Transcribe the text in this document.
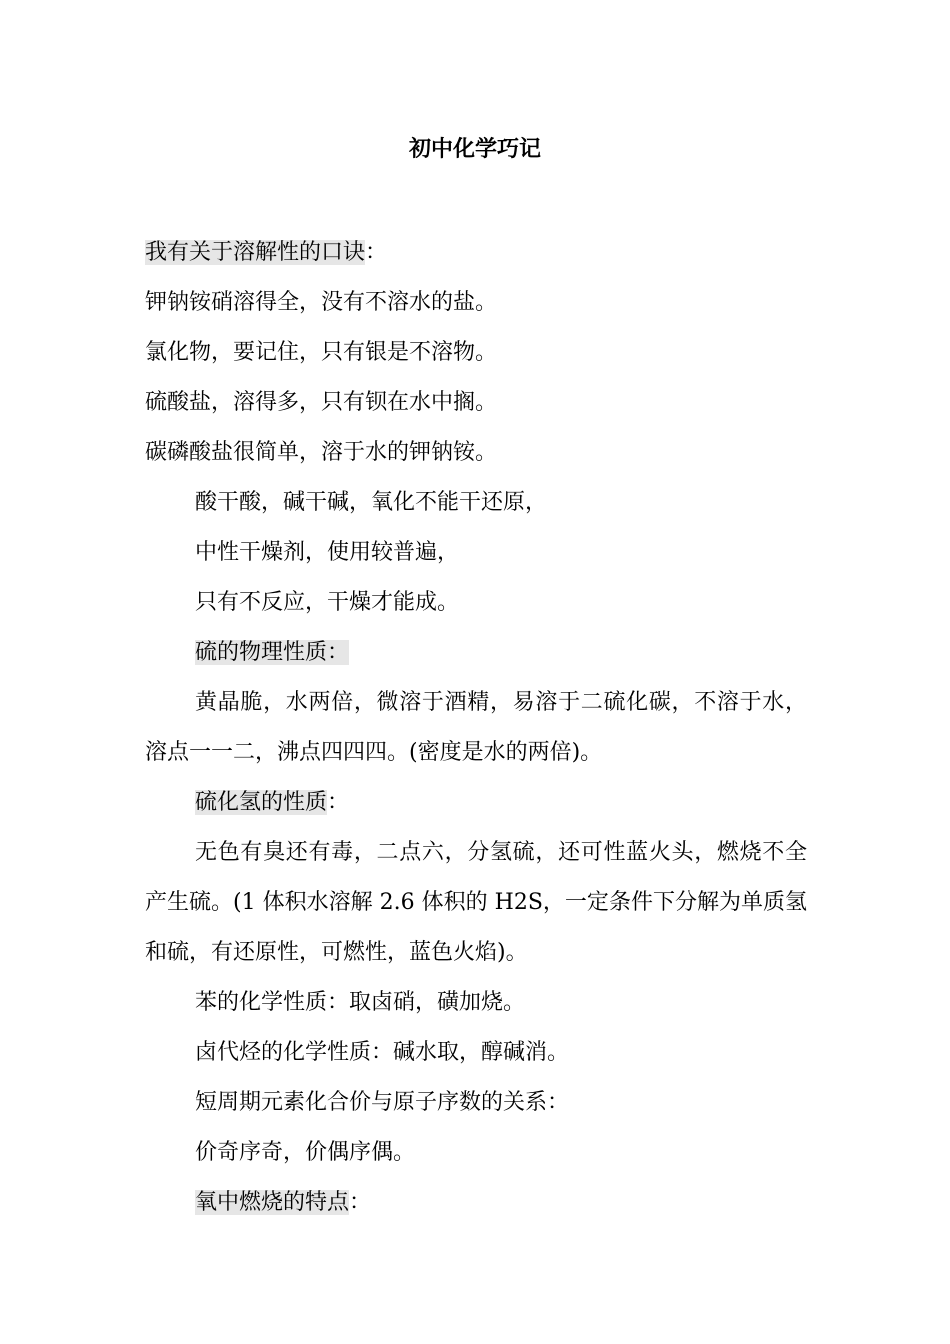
初中化学巧记

我有关于溶解性的口诀：

钾钠铵硝溶得全，没有不溶水的盐。

氯化物，要记住，只有银是不溶物。

硫酸盐，溶得多，只有钡在水中搁。

碳磷酸盐很简单，溶于水的钾钠铵。

酸干酸，碱干碱，氧化不能干还原，

中性干燥剂，使用较普遍，

只有不反应，干燥才能成。

硫的物理性质：

黄晶脆，水两倍，微溶于酒精，易溶于二硫化碳，不溶于水，溶点一一二，沸点四四四。(密度是水的两倍)。

硫化氢的性质：

无色有臭还有毒，二点六，分氢硫，还可性蓝火头，燃烧不全产生硫。(1 体积水溶解 2.6 体积的 H2S，一定条件下分解为单质氢和硫，有还原性，可燃性，蓝色火焰)。

苯的化学性质：取卤硝，磺加烧。

卤代烃的化学性质：碱水取，醇碱消。

短周期元素化合价与原子序数的关系：

价奇序奇，价偶序偶。

氧中燃烧的特点：
